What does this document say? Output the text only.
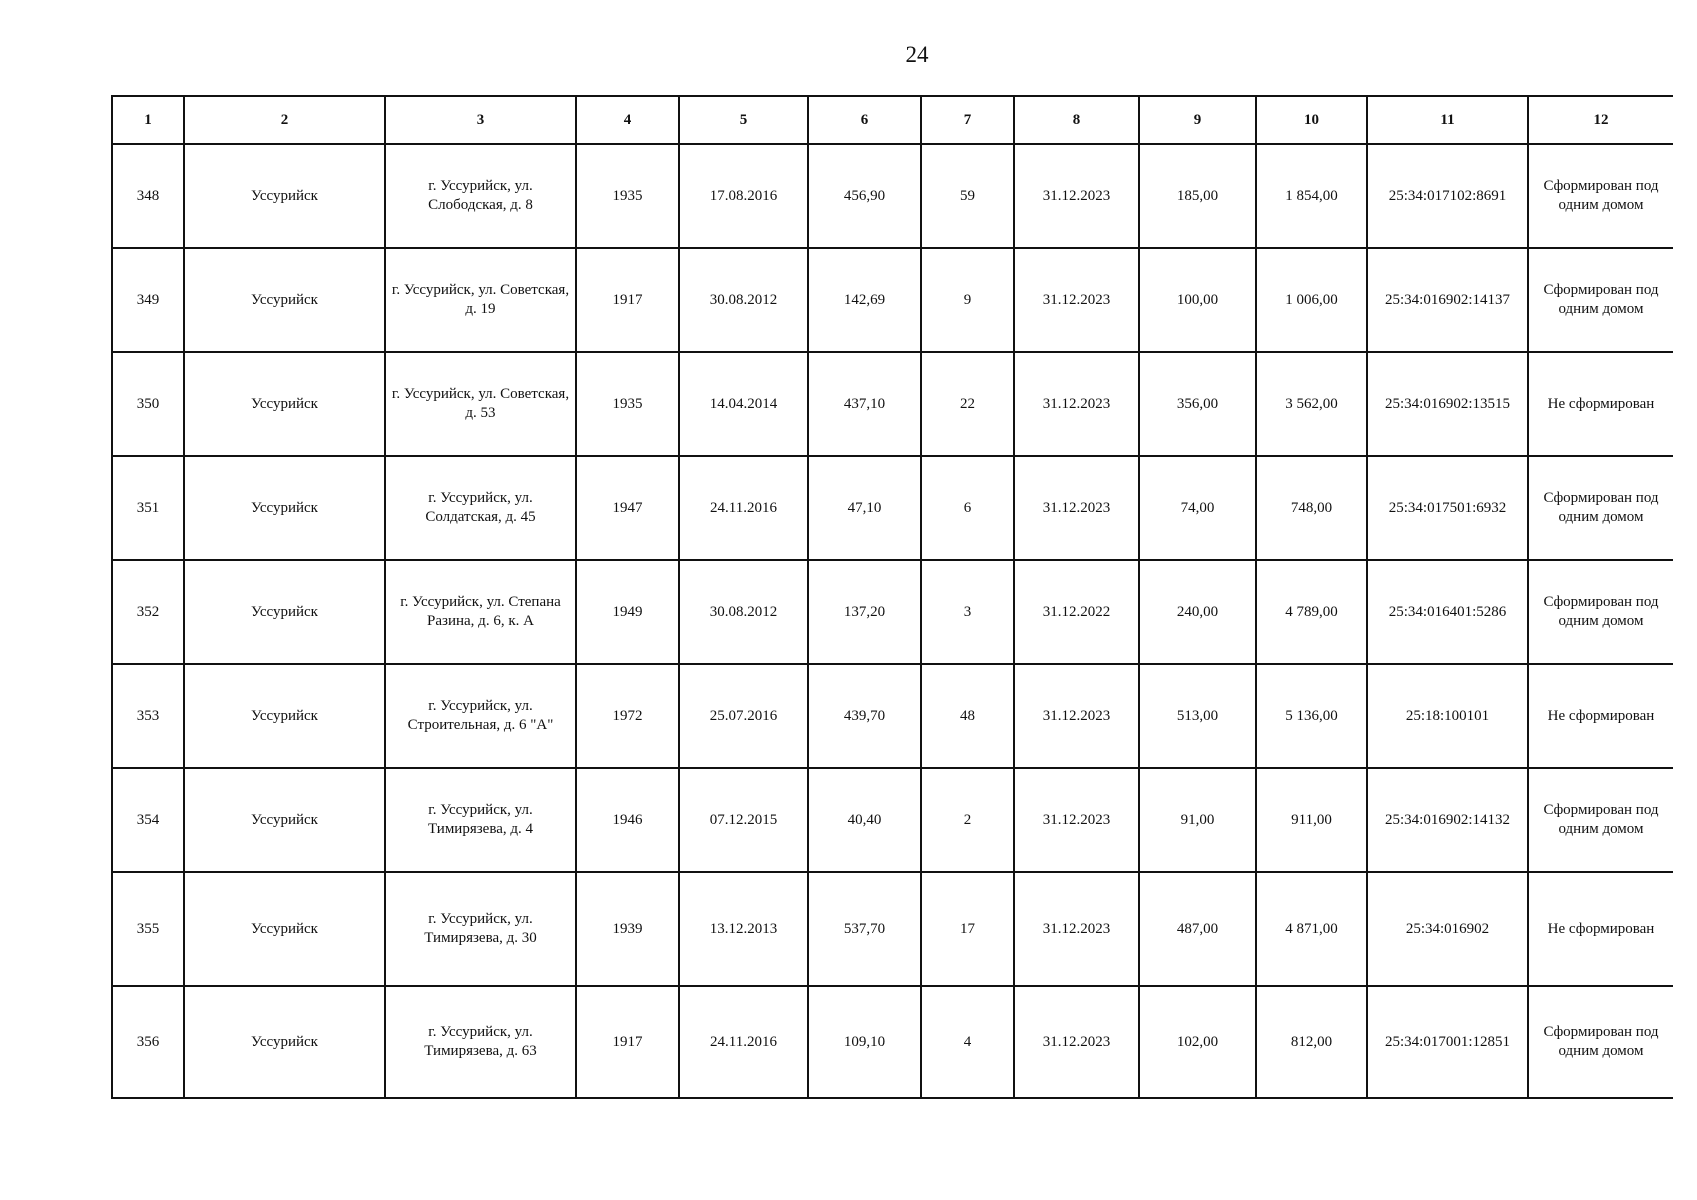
24
1	2	3	4	5	6	7	8	9	10	11	12
348	Уссурийск	г. Уссурийск, ул. Слободская, д. 8	1935	17.08.2016	456,90	59	31.12.2023	185,00	1 854,00	25:34:017102:8691	Сформирован под одним домом
349	Уссурийск	г. Уссурийск, ул. Советская, д. 19	1917	30.08.2012	142,69	9	31.12.2023	100,00	1 006,00	25:34:016902:14137	Сформирован под одним домом
350	Уссурийск	г. Уссурийск, ул. Советская, д. 53	1935	14.04.2014	437,10	22	31.12.2023	356,00	3 562,00	25:34:016902:13515	Не сформирован
351	Уссурийск	г. Уссурийск, ул. Солдатская, д. 45	1947	24.11.2016	47,10	6	31.12.2023	74,00	748,00	25:34:017501:6932	Сформирован под одним домом
352	Уссурийск	г. Уссурийск, ул. Степана Разина, д. 6, к. А	1949	30.08.2012	137,20	3	31.12.2022	240,00	4 789,00	25:34:016401:5286	Сформирован под одним домом
353	Уссурийск	г. Уссурийск, ул. Строительная, д. 6 "А"	1972	25.07.2016	439,70	48	31.12.2023	513,00	5 136,00	25:18:100101	Не сформирован
354	Уссурийск	г. Уссурийск, ул. Тимирязева, д. 4	1946	07.12.2015	40,40	2	31.12.2023	91,00	911,00	25:34:016902:14132	Сформирован под одним домом
355	Уссурийск	г. Уссурийск, ул. Тимирязева, д. 30	1939	13.12.2013	537,70	17	31.12.2023	487,00	4 871,00	25:34:016902	Не сформирован
356	Уссурийск	г. Уссурийск, ул. Тимирязева, д. 63	1917	24.11.2016	109,10	4	31.12.2023	102,00	812,00	25:34:017001:12851	Сформирован под одним домом
